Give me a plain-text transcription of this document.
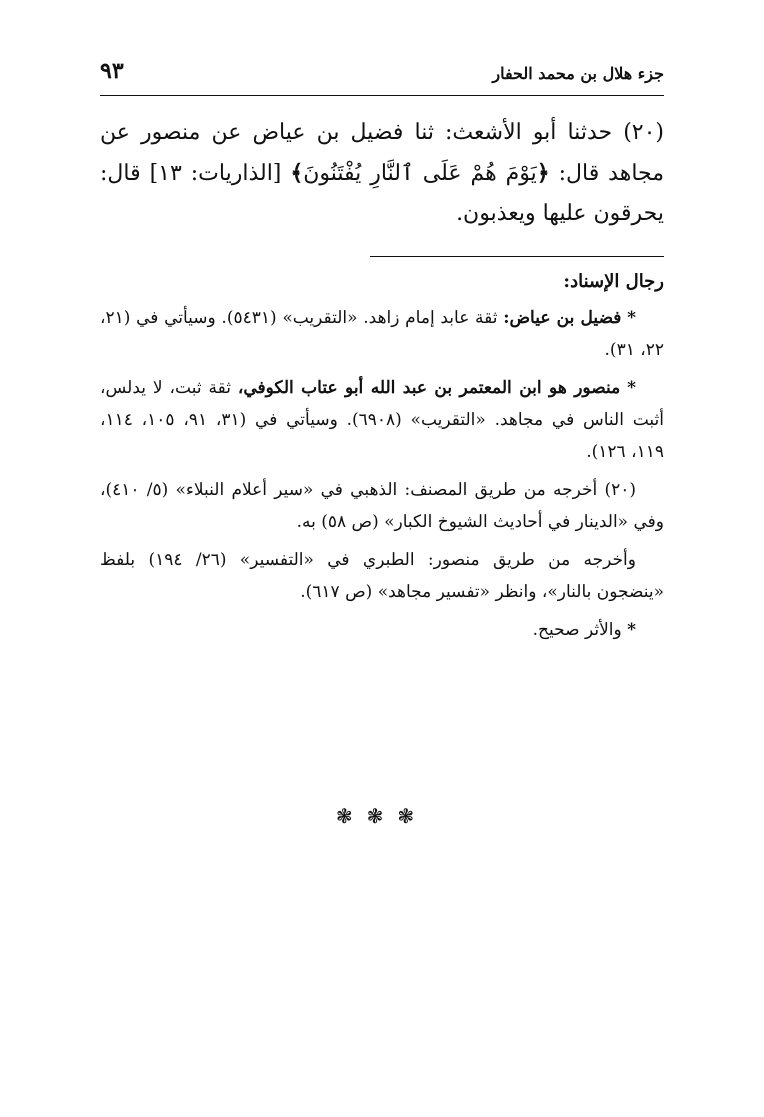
جزء هلال بن محمد الحفار
٩٣
(٢٠) حدثنا أبو الأشعث: ثنا فضيل بن عياض عن منصور عن مجاهد قال: ﴿يَوْمَ هُمْ عَلَى ٱلنَّارِ يُفْتَنُونَ﴾ [الذاريات: ١٣] قال: يحرقون عليها ويعذبون.

رجال الإسناد:

* فضيل بن عياض: ثقة عابد إمام زاهد. «التقريب» (٥٤٣١). وسيأتي في (٢١، ٢٢، ٣١).

* منصور هو ابن المعتمر بن عبد الله أبو عتاب الكوفي، ثقة ثبت، لا يدلس، أثبت الناس في مجاهد. «التقريب» (٦٩٠٨). وسيأتي في (٣١، ٩١، ١٠٥، ١١٤، ١١٩، ١٢٦).

(٢٠) أخرجه من طريق المصنف: الذهبي في «سير أعلام النبلاء» (٥/ ٤١٠)، وفي «الدينار في أحاديث الشيوخ الكبار» (ص ٥٨) به.

وأخرجه من طريق منصور: الطبري في «التفسير» (٢٦/ ١٩٤) بلفظ «ينضجون بالنار»، وانظر «تفسير مجاهد» (ص ٦١٧).

* والأثر صحيح.

❃❃❃
